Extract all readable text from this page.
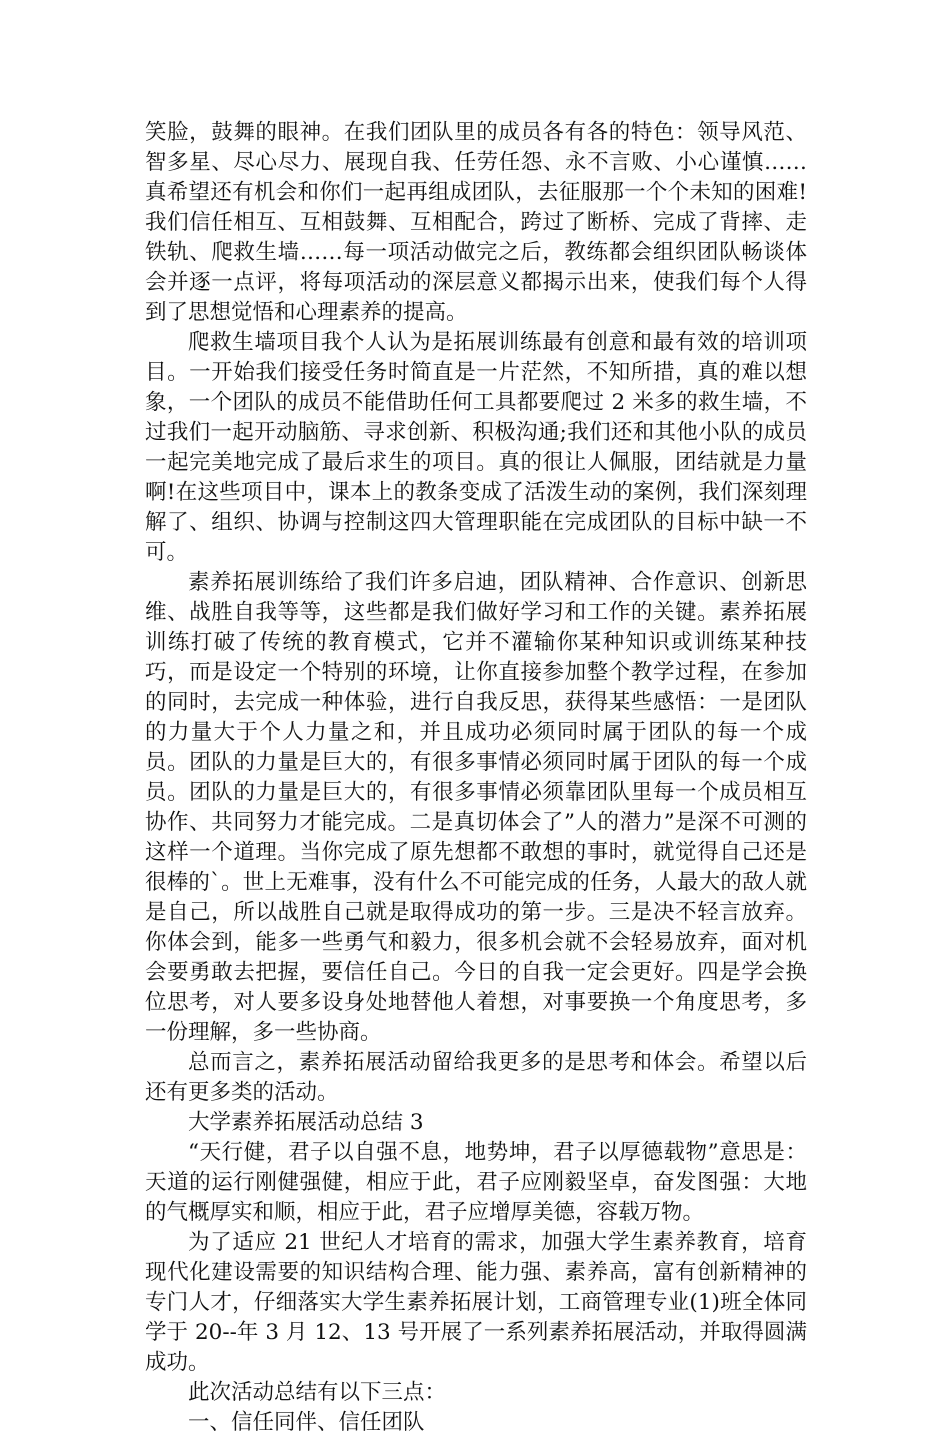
笑脸，鼓舞的眼神。在我们团队里的成员各有各的特色：领导风范、智多星、尽心尽力、展现自我、任劳任怨、永不言败、小心谨慎……真希望还有机会和你们一起再组成团队，去征服那一个个未知的困难!我们信任相互、互相鼓舞、互相配合，跨过了断桥、完成了背摔、走铁轨、爬救生墙……每一项活动做完之后，教练都会组织团队畅谈体会并逐一点评，将每项活动的深层意义都揭示出来，使我们每个人得到了思想觉悟和心理素养的提高。

爬救生墙项目我个人认为是拓展训练最有创意和最有效的培训项目。一开始我们接受任务时简直是一片茫然，不知所措，真的难以想象，一个团队的成员不能借助任何工具都要爬过 2 米多的救生墙，不过我们一起开动脑筋、寻求创新、积极沟通;我们还和其他小队的成员一起完美地完成了最后求生的项目。真的很让人佩服，团结就是力量啊!在这些项目中，课本上的教条变成了活泼生动的案例，我们深刻理解了、组织、协调与控制这四大管理职能在完成团队的目标中缺一不可。

素养拓展训练给了我们许多启迪，团队精神、合作意识、创新思维、战胜自我等等，这些都是我们做好学习和工作的关键。素养拓展训练打破了传统的教育模式，它并不灌输你某种知识或训练某种技巧，而是设定一个特别的环境，让你直接参加整个教学过程，在参加的同时，去完成一种体验，进行自我反思，获得某些感悟：一是团队的力量大于个人力量之和，并且成功必须同时属于团队的每一个成员。团队的力量是巨大的，有很多事情必须同时属于团队的每一个成员。团队的力量是巨大的，有很多事情必须靠团队里每一个成员相互协作、共同努力才能完成。二是真切体会了”人的潜力”是深不可测的这样一个道理。当你完成了原先想都不敢想的事时，就觉得自己还是很棒的`。世上无难事，没有什么不可能完成的任务，人最大的敌人就是自己，所以战胜自己就是取得成功的第一步。三是决不轻言放弃。你体会到，能多一些勇气和毅力，很多机会就不会轻易放弃，面对机会要勇敢去把握，要信任自己。今日的自我一定会更好。四是学会换位思考，对人要多设身处地替他人着想，对事要换一个角度思考，多一份理解，多一些协商。

总而言之，素养拓展活动留给我更多的是思考和体会。希望以后还有更多类的活动。

大学素养拓展活动总结 3

“天行健，君子以自强不息，地势坤，君子以厚德载物”意思是：天道的运行刚健强健，相应于此，君子应刚毅坚卓，奋发图强：大地的气概厚实和顺，相应于此，君子应增厚美德，容载万物。

为了适应 21 世纪人才培育的需求，加强大学生素养教育，培育现代化建设需要的知识结构合理、能力强、素养高，富有创新精神的专门人才，仔细落实大学生素养拓展计划，工商管理专业(1)班全体同学于 20--年 3 月 12、13 号开展了一系列素养拓展活动，并取得圆满成功。

此次活动总结有以下三点：

一、信任同伴、信任团队
